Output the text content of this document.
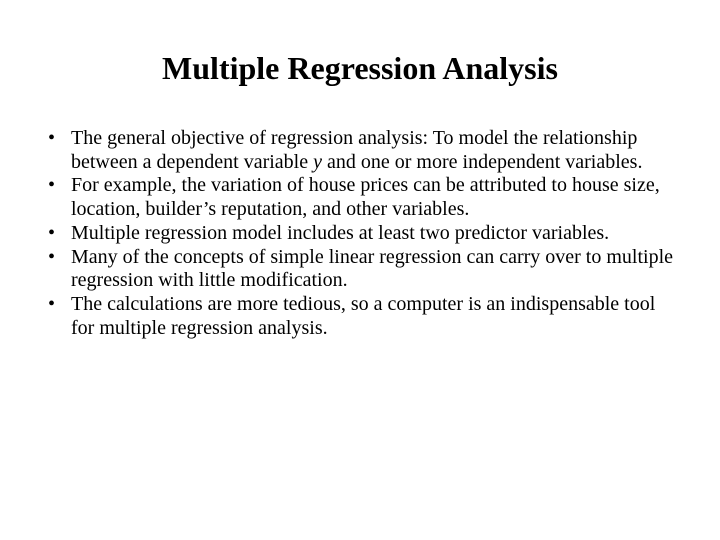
Multiple Regression Analysis
• The general objective of regression analysis: To model the relationship between a dependent variable y and one or more independent variables.
• For example, the variation of house prices can be attributed to house size, location, builder’s reputation, and other variables.
• Multiple regression model includes at least two predictor variables.
• Many of the concepts of simple linear regression can carry over to multiple regression with little modification.
• The calculations are more tedious, so a computer is an indispensable tool for multiple regression analysis.
